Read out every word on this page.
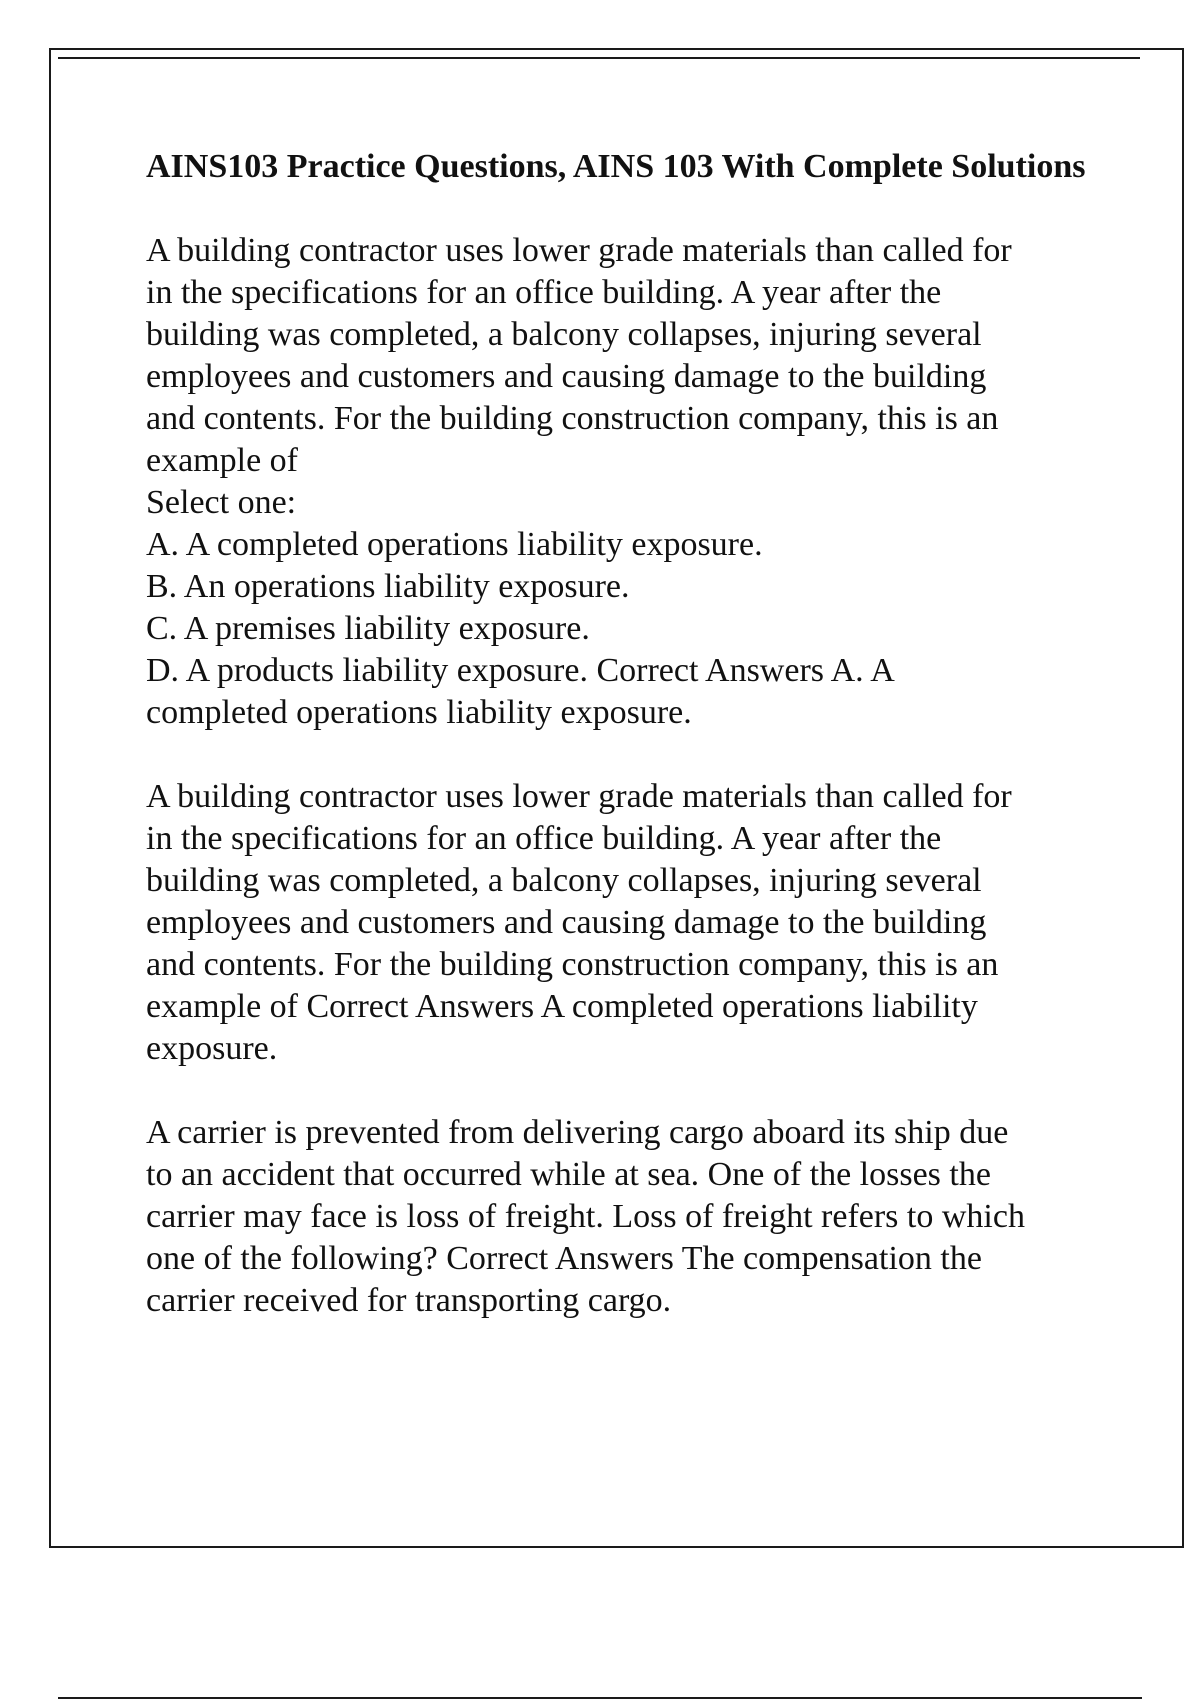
AINS103 Practice Questions, AINS 103 With Complete Solutions
A building contractor uses lower grade materials than called for
in the specifications for an office building. A year after the
building was completed, a balcony collapses, injuring several
employees and customers and causing damage to the building
and contents. For the building construction company, this is an
example of
Select one:
A. A completed operations liability exposure.
B. An operations liability exposure.
C. A premises liability exposure.
D. A products liability exposure. Correct Answers A. A
completed operations liability exposure.
A building contractor uses lower grade materials than called for
in the specifications for an office building. A year after the
building was completed, a balcony collapses, injuring several
employees and customers and causing damage to the building
and contents. For the building construction company, this is an
example of Correct Answers A completed operations liability
exposure.
A carrier is prevented from delivering cargo aboard its ship due
to an accident that occurred while at sea. One of the losses the
carrier may face is loss of freight. Loss of freight refers to which
one of the following? Correct Answers The compensation the
carrier received for transporting cargo.
